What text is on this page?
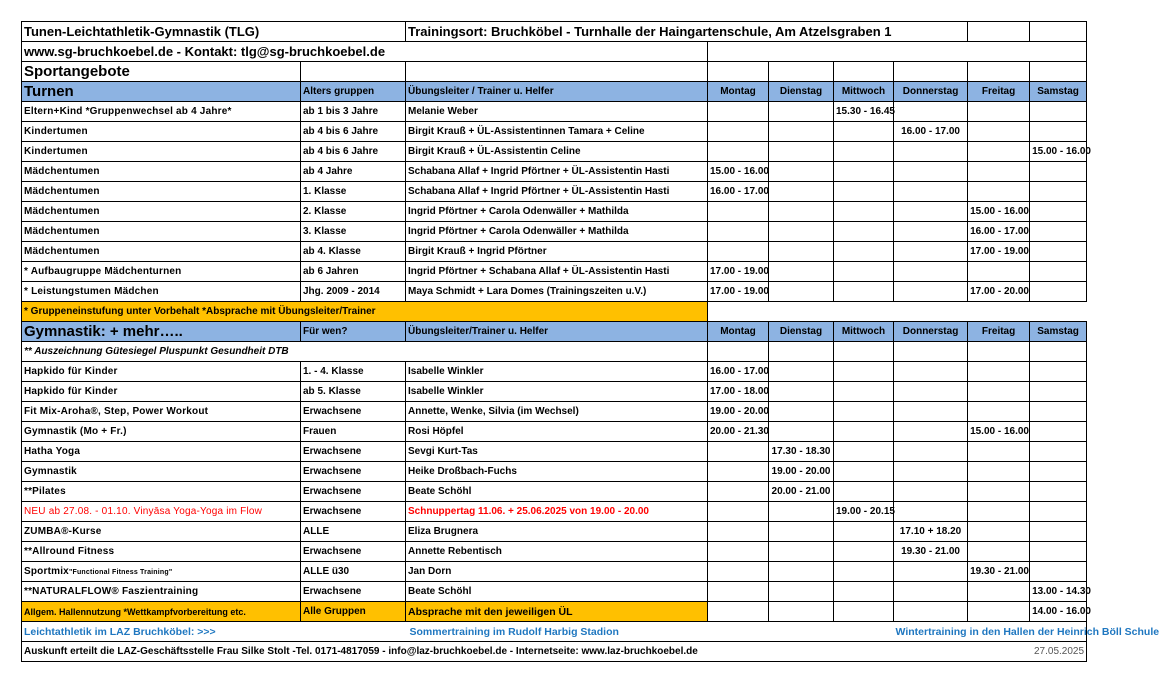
Tunen-Leichtathletik-Gymnastik (TLG)		Trainingsort: Bruchköbel - Turnhalle der Haingartenschule, Am Atzelsgraben 1						
www.sg-bruchkoebel.de - Kontakt: tlg@sg-bruchkoebel.de								
Sportangebote								
Turnen	Alters gruppen	Übungsleiter / Trainer u. Helfer	Montag	Dienstag	Mittwoch	Donnerstag	Freitag	Samstag
Eltern+Kind *Gruppenwechsel ab 4 Jahre*	ab 1 bis 3 Jahre	Melanie Weber			15.30 - 16.45			
Kindertumen	ab 4 bis 6 Jahre	Birgit Krauß + ÜL-Assistentinnen Tamara + Celine				16.00 - 17.00		
Kindertumen	ab 4 bis 6 Jahre	Birgit Krauß + ÜL-Assistentin Celine						15.00 - 16.00
Mädchentumen	ab 4 Jahre	Schabana Allaf + Ingrid Pförtner + ÜL-Assistentin Hasti	15.00 - 16.00					
Mädchentumen	1. Klasse	Schabana Allaf + Ingrid Pförtner + ÜL-Assistentin Hasti	16.00 - 17.00					
Mädchentumen	2. Klasse	Ingrid Pförtner + Carola Odenwäller + Mathilda					15.00 - 16.00	
Mädchentumen	3. Klasse	Ingrid Pförtner + Carola Odenwäller + Mathilda					16.00 - 17.00	
Mädchentumen	ab 4. Klasse	Birgit Krauß + Ingrid Pförtner					17.00 - 19.00	
* Aufbaugruppe Mädchenturnen	ab 6 Jahren	Ingrid Pförtner + Schabana Allaf + ÜL-Assistentin Hasti	17.00 - 19.00					
* Leistungstumen Mädchen	Jhg. 2009 - 2014	Maya Schmidt + Lara Domes (Trainingszeiten u.V.)	17.00 - 19.00				17.00 - 20.00	
* Gruppeneinstufung unter Vorbehalt *Absprache mit Übungsleiter/Trainer								
Gymnastik: + mehr…..	Für wen?	Übungsleiter/Trainer u. Helfer	Montag	Dienstag	Mittwoch	Donnerstag	Freitag	Samstag
** Auszeichnung Gütesiegel Pluspunkt Gesundheit DTB								
Hapkido für Kinder	1. - 4. Klasse	Isabelle Winkler	16.00 - 17.00					
Hapkido für Kinder	ab 5. Klasse	Isabelle Winkler	17.00 - 18.00					
Fit Mix-Aroha®, Step, Power Workout	Erwachsene	Annette, Wenke, Silvia (im Wechsel)	19.00 - 20.00					
Gymnastik (Mo + Fr.)	Frauen	Rosi Höpfel	20.00 - 21.30				15.00 - 16.00	
Hatha Yoga	Erwachsene	Sevgi Kurt-Tas		17.30 - 18.30				
Gymnastik	Erwachsene	Heike Droßbach-Fuchs		19.00 - 20.00				
**Pilates	Erwachsene	Beate Schöhl		20.00 - 21.00				
NEU ab 27.08. - 01.10. Vinyāsa Yoga-Yoga im Flow	Erwachsene	Schnuppertag 11.06. + 25.06.2025 von 19.00 - 20.00			19.00 - 20.15			
ZUMBA®-Kurse	ALLE	Eliza Brugnera				17.10 + 18.20		
**Allround Fitness	Erwachsene	Annette Rebentisch				19.30 - 21.00		
Sportmix"Functional Fitness Training"	ALLE ü30	Jan Dorn					19.30 - 21.00	
**NATURALFLOW® Faszientraining	Erwachsene	Beate Schöhl						13.00 - 14.30
Allgem. Hallennutzung *Wettkampfvorbereitung etc.	Alle Gruppen	Absprache mit den jeweiligen ÜL						14.00 - 16.00
Leichtathletik im LAZ Bruchköbel: >>>		Sommertraining im Rudolf Harbig Stadion				Wintertraining in den Hallen der Heinrich Böll Schule		
Auskunft erteilt die LAZ-Geschäftsstelle Frau Silke Stolt -Tel. 0171-4817059 - info@laz-bruchkoebel.de - Internetseite: www.laz-bruchkoebel.de								27.05.2025
